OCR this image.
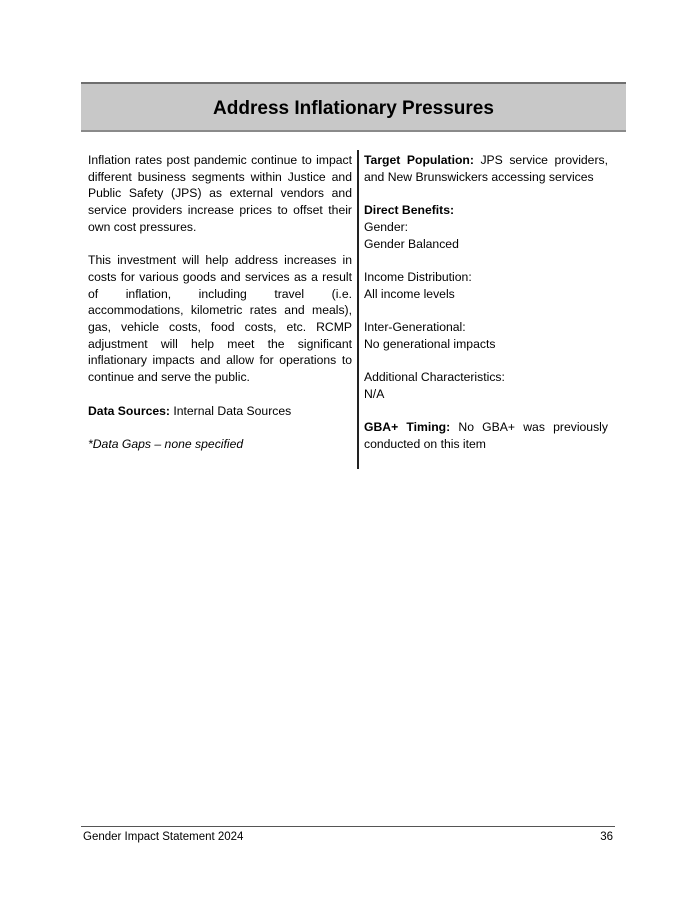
Address Inflationary Pressures

Inflation rates post pandemic continue to impact different business segments within Justice and Public Safety (JPS) as external vendors and service providers increase prices to offset their own cost pressures.

This investment will help address increases in costs for various goods and services as a result of inflation, including travel (i.e. accommodations, kilometric rates and meals), gas, vehicle costs, food costs, etc. RCMP adjustment will help meet the significant inflationary impacts and allow for operations to continue and serve the public.

Data Sources: Internal Data Sources

*Data Gaps – none specified

Target Population: JPS service providers, and New Brunswickers accessing services

Direct Benefits:
Gender:
Gender Balanced

Income Distribution:
All income levels

Inter-Generational:
No generational impacts

Additional Characteristics:
N/A

GBA+ Timing: No GBA+ was previously conducted on this item

Gender Impact Statement 2024	36
